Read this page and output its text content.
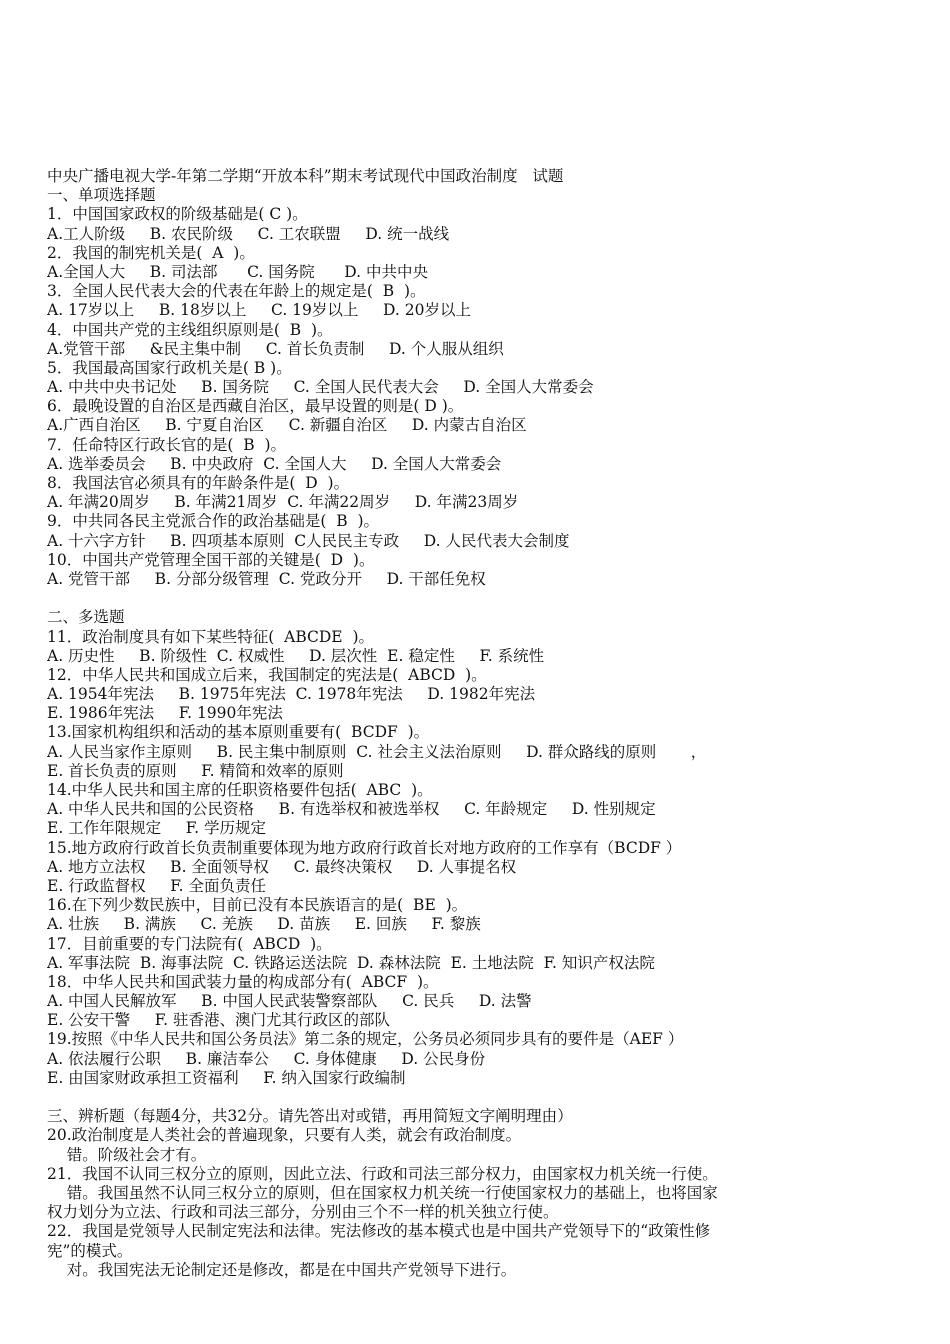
中央广播电视大学-年第二学期“开放本科”期末考试现代中国政治制度   试题
一、单项选择题
1．中国国家政权的阶级基础是( C )。
A.工人阶级     B. 农民阶级     C. 工农联盟     D. 统一战线
2．我国的制宪机关是(  A  )。
A.全国人大     B. 司法部      C. 国务院      D. 中共中央
3．全国人民代表大会的代表在年龄上的规定是(  B  )。
A. 17岁以上     B. 18岁以上     C. 19岁以上     D. 20岁以上
4．中国共产党的主线组织原则是(  B  )。
A.党管干部     &民主集中制     C. 首长负责制     D. 个人服从组织
5．我国最高国家行政机关是( B )。
A. 中共中央书记处     B. 国务院     C. 全国人民代表大会     D. 全国人大常委会
6．最晚设置的自治区是西藏自治区，最早设置的则是( D )。
A.广西自治区     B. 宁夏自治区     C. 新疆自治区     D. 内蒙古自治区
7．任命特区行政长官的是(  B  )。
A. 选举委员会     B. 中央政府  C. 全国人大     D. 全国人大常委会
8．我国法官必须具有的年龄条件是(  D  )。
A. 年满20周岁     B. 年满21周岁  C. 年满22周岁     D. 年满23周岁
9．中共同各民主党派合作的政治基础是(  B  )。
A. 十六字方针     B. 四项基本原则  C人民民主专政     D. 人民代表大会制度
10．中国共产党管理全国干部的关键是(  D  )。
A. 党管干部     B. 分部分级管理  C. 党政分开     D. 干部任免权
二、多选题
11．政治制度具有如下某些特征(  ABCDE  )。
A. 历史性     B. 阶级性  C. 权威性     D. 层次性  E. 稳定性     F. 系统性
12．中华人民共和国成立后来，我国制定的宪法是(  ABCD  )。
A. 1954年宪法     B. 1975年宪法  C. 1978年宪法     D. 1982年宪法
E. 1986年宪法     F. 1990年宪法
13.国家机构组织和活动的基本原则重要有(  BCDF  )。
A. 人民当家作主原则     B. 民主集中制原则  C. 社会主义法治原则     D. 群众路线的原则       ，
E. 首长负责的原则     F. 精简和效率的原则
14.中华人民共和国主席的任职资格要件包括(  ABC  )。
A. 中华人民共和国的公民资格     B. 有选举权和被选举权     C. 年龄规定     D. 性别规定
E. 工作年限规定     F. 学历规定
15.地方政府行政首长负责制重要体现为地方政府行政首长对地方政府的工作享有（BCDF ）
A. 地方立法权     B. 全面领导权     C. 最终决策权     D. 人事提名权
E. 行政监督权     F. 全面负责任
16.在下列少数民族中，目前已没有本民族语言的是(  BE  )。
A. 壮族     B. 满族     C. 羌族     D. 苗族     E. 回族     F. 黎族
17．目前重要的专门法院有(  ABCD  )。
A. 军事法院  B. 海事法院  C. 铁路运送法院  D. 森林法院  E. 土地法院  F. 知识产权法院
18．中华人民共和国武装力量的构成部分有(  ABCF  )。
A. 中国人民解放军     B. 中国人民武装警察部队     C. 民兵     D. 法警
E. 公安干警     F. 驻香港、澳门尤其行政区的部队
19.按照《中华人民共和国公务员法》第二条的规定，公务员必须同步具有的要件是（AEF ）
A. 依法履行公职     B. 廉洁奉公     C. 身体健康     D. 公民身份
E. 由国家财政承担工资福利     F. 纳入国家行政编制
三、辨析题（每题4分，共32分。请先答出对或错，再用简短文字阐明理由）
20.政治制度是人类社会的普遍现象，只要有人类，就会有政治制度。
错。阶级社会才有。
21．我国不认同三权分立的原则，因此立法、行政和司法三部分权力，由国家权力机关统一行使。
错。我国虽然不认同三权分立的原则，但在国家权力机关统一行使国家权力的基础上，也将国家
权力划分为立法、行政和司法三部分，分别由三个不一样的机关独立行使。
22．我国是党领导人民制定宪法和法律。宪法修改的基本模式也是中国共产党领导下的“政策性修
宪”的模式。
对。我国宪法无论制定还是修改，都是在中国共产党领导下进行。
